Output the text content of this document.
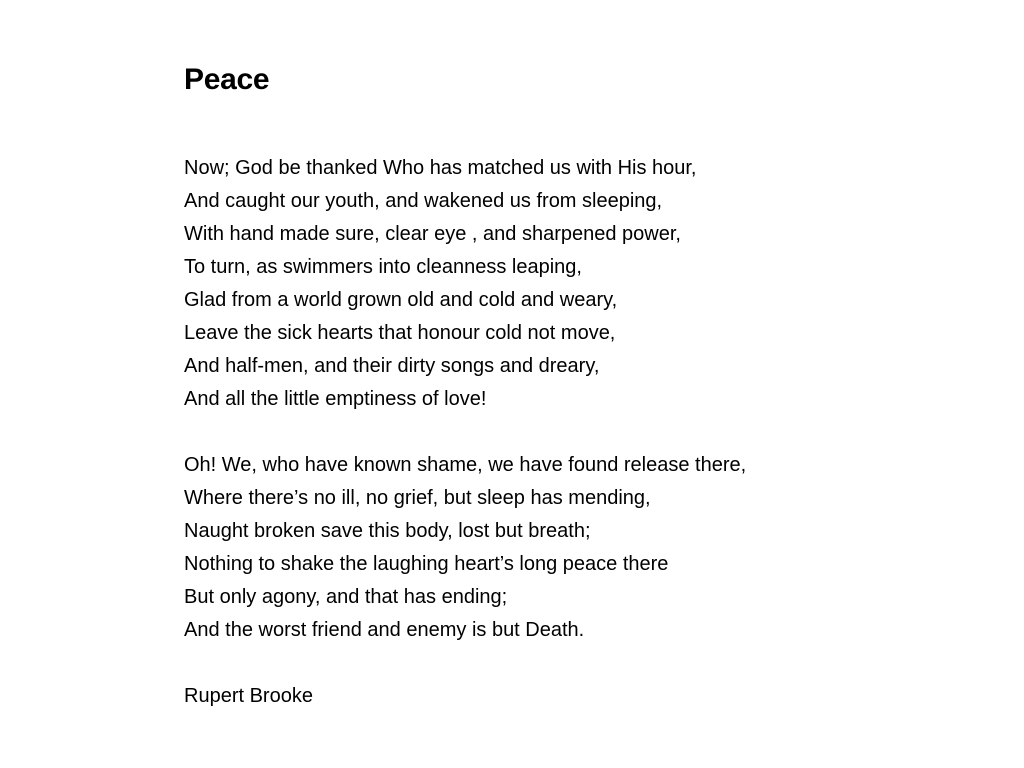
Peace
Now; God be thanked Who has matched us with His hour,
And caught our youth, and wakened us from sleeping,
With hand made sure, clear eye , and sharpened power,
To turn, as swimmers into cleanness leaping,
Glad from a world grown old and cold and weary,
Leave the sick hearts that honour cold not move,
And half-men, and their dirty songs and dreary,
And all the little emptiness of love!
Oh! We, who have known shame, we have found release there,
Where there’s no ill, no grief, but sleep has mending,
Naught broken save this body, lost but breath;
Nothing to shake the laughing heart’s long peace there
But only agony, and that has ending;
And the worst friend and enemy is but Death.
Rupert Brooke
